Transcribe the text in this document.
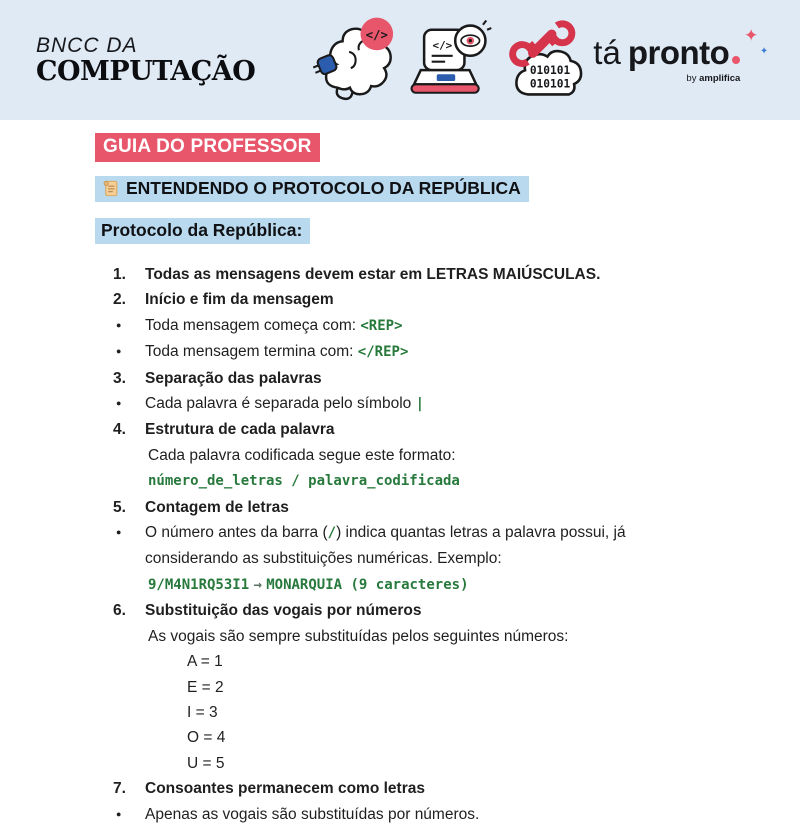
BNCC DA
COMPUTAÇÃO
</>
</>
010101
010101
tá pronto ✦
✦
by amplifica
GUIA DO PROFESSOR
ENTENDENDO O PROTOCOLO DA REPÚBLICA
Protocolo da República:
1. Todas as mensagens devem estar em LETRAS MAIÚSCULAS.
2. Início e fim da mensagem
● Toda mensagem começa com: <REP>
● Toda mensagem termina com: </REP>
3. Separação das palavras
● Cada palavra é separada pelo símbolo |
4. Estrutura de cada palavra
Cada palavra codificada segue este formato:
número_de_letras / palavra_codificada
5. Contagem de letras
● O número antes da barra (/) indica quantas letras a palavra possui, já considerando as substituições numéricas. Exemplo:
9/M4N1RQ53I1 → MONARQUIA (9 caracteres)
6. Substituição das vogais por números
As vogais são sempre substituídas pelos seguintes números:
A = 1
E = 2
I = 3
O = 4
U = 5
7. Consoantes permanecem como letras
● Apenas as vogais são substituídas por números.
